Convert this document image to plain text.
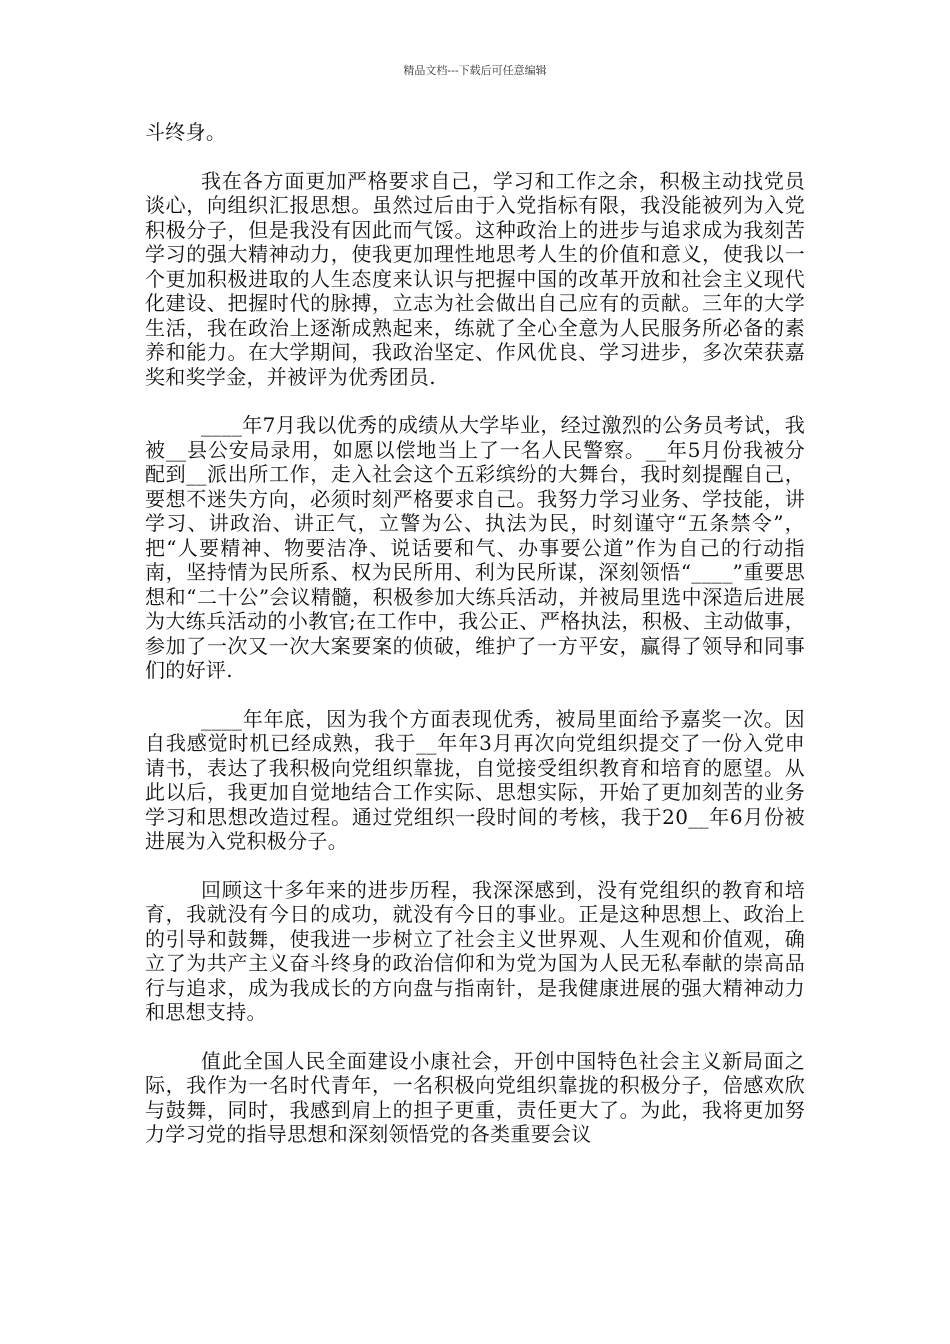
精品文档---下载后可任意编辑

斗终身。

我在各方面更加严格要求自己，学习和工作之余，积极主动找党员谈心，向组织汇报思想。虽然过后由于入党指标有限，我没能被列为入党积极分子，但是我没有因此而气馁。这种政治上的进步与追求成为我刻苦学习的强大精神动力，使我更加理性地思考人生的价值和意义，使我以一个更加积极进取的人生态度来认识与把握中国的改革开放和社会主义现代化建设、把握时代的脉搏，立志为社会做出自己应有的贡献。三年的大学生活，我在政治上逐渐成熟起来，练就了全心全意为人民服务所必备的素养和能力。在大学期间，我政治坚定、作风优良、学习进步，多次荣获嘉奖和奖学金，并被评为优秀团员.

____年7月我以优秀的成绩从大学毕业，经过激烈的公务员考试，我被__县公安局录用，如愿以偿地当上了一名人民警察。__年5月份我被分配到__派出所工作，走入社会这个五彩缤纷的大舞台，我时刻提醒自己，要想不迷失方向，必须时刻严格要求自己。我努力学习业务、学技能，讲学习、讲政治、讲正气，立警为公、执法为民，时刻谨守“五条禁令”，把“人要精神、物要洁净、说话要和气、办事要公道”作为自己的行动指南，坚持情为民所系、权为民所用、利为民所谋，深刻领悟“____”重要思想和“二十公”会议精髓，积极参加大练兵活动，并被局里选中深造后进展为大练兵活动的小教官;在工作中，我公正、严格执法，积极、主动做事，参加了一次又一次大案要案的侦破，维护了一方平安，赢得了领导和同事们的好评.

____年年底，因为我个方面表现优秀，被局里面给予嘉奖一次。因自我感觉时机已经成熟，我于__年年3月再次向党组织提交了一份入党申请书，表达了我积极向党组织靠拢，自觉接受组织教育和培育的愿望。从此以后，我更加自觉地结合工作实际、思想实际，开始了更加刻苦的业务学习和思想改造过程。通过党组织一段时间的考核，我于20__年6月份被进展为入党积极分子。

回顾这十多年来的进步历程，我深深感到，没有党组织的教育和培育，我就没有今日的成功，就没有今日的事业。正是这种思想上、政治上的引导和鼓舞，使我进一步树立了社会主义世界观、人生观和价值观，确立了为共产主义奋斗终身的政治信仰和为党为国为人民无私奉献的崇高品行与追求，成为我成长的方向盘与指南针，是我健康进展的强大精神动力和思想支持。

值此全国人民全面建设小康社会，开创中国特色社会主义新局面之际，我作为一名时代青年，一名积极向党组织靠拢的积极分子，倍感欢欣与鼓舞，同时，我感到肩上的担子更重，责任更大了。为此，我将更加努力学习党的指导思想和深刻领悟党的各类重要会议
